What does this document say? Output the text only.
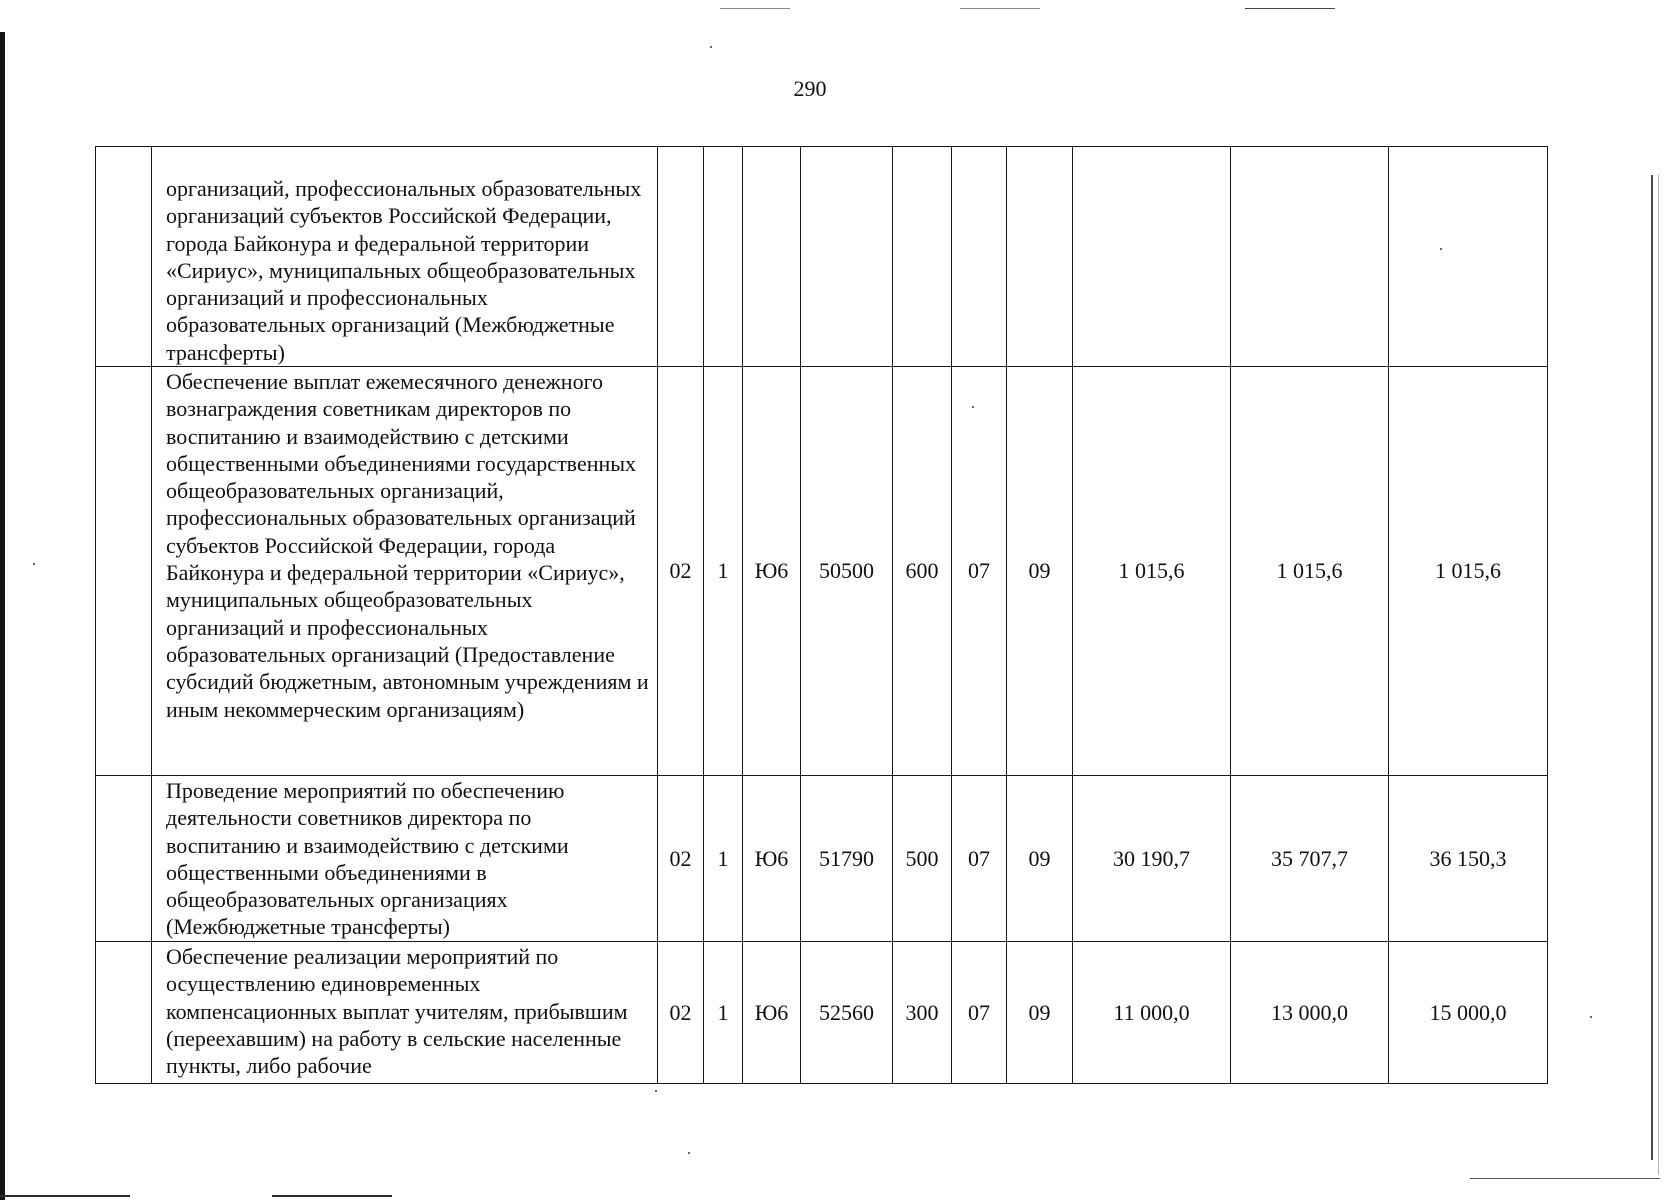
290
	организаций, профессиональных образовательных организаций субъектов Российской Федерации, города Байконура и федеральной территории «Сириус», муниципальных общеобразовательных организаций и профессиональных образовательных организаций (Межбюджетные трансферты)										
	Обеспечение выплат ежемесячного денежного вознаграждения советникам директоров по воспитанию и взаимодействию с детскими общественными объединениями государственных общеобразовательных организаций, профессиональных образовательных организаций субъектов Российской Федерации, города Байконура и федеральной территории «Сириус», муниципальных общеобразовательных организаций и профессиональных образовательных организаций (Предоставление субсидий бюджетным, автономным учреждениям и иным некоммерческим организациям)	02	1	Ю6	50500	600	07	09	1 015,6	1 015,6	1 015,6
	Проведение мероприятий по обеспечению деятельности советников директора по воспитанию и взаимодействию с детскими общественными объединениями в общеобразовательных организациях (Межбюджетные трансферты)	02	1	Ю6	51790	500	07	09	30 190,7	35 707,7	36 150,3
	Обеспечение реализации мероприятий по осуществлению единовременных компенсационных выплат учителям, прибывшим (переехавшим) на работу в сельские населенные пункты, либо рабочие	02	1	Ю6	52560	300	07	09	11 000,0	13 000,0	15 000,0
